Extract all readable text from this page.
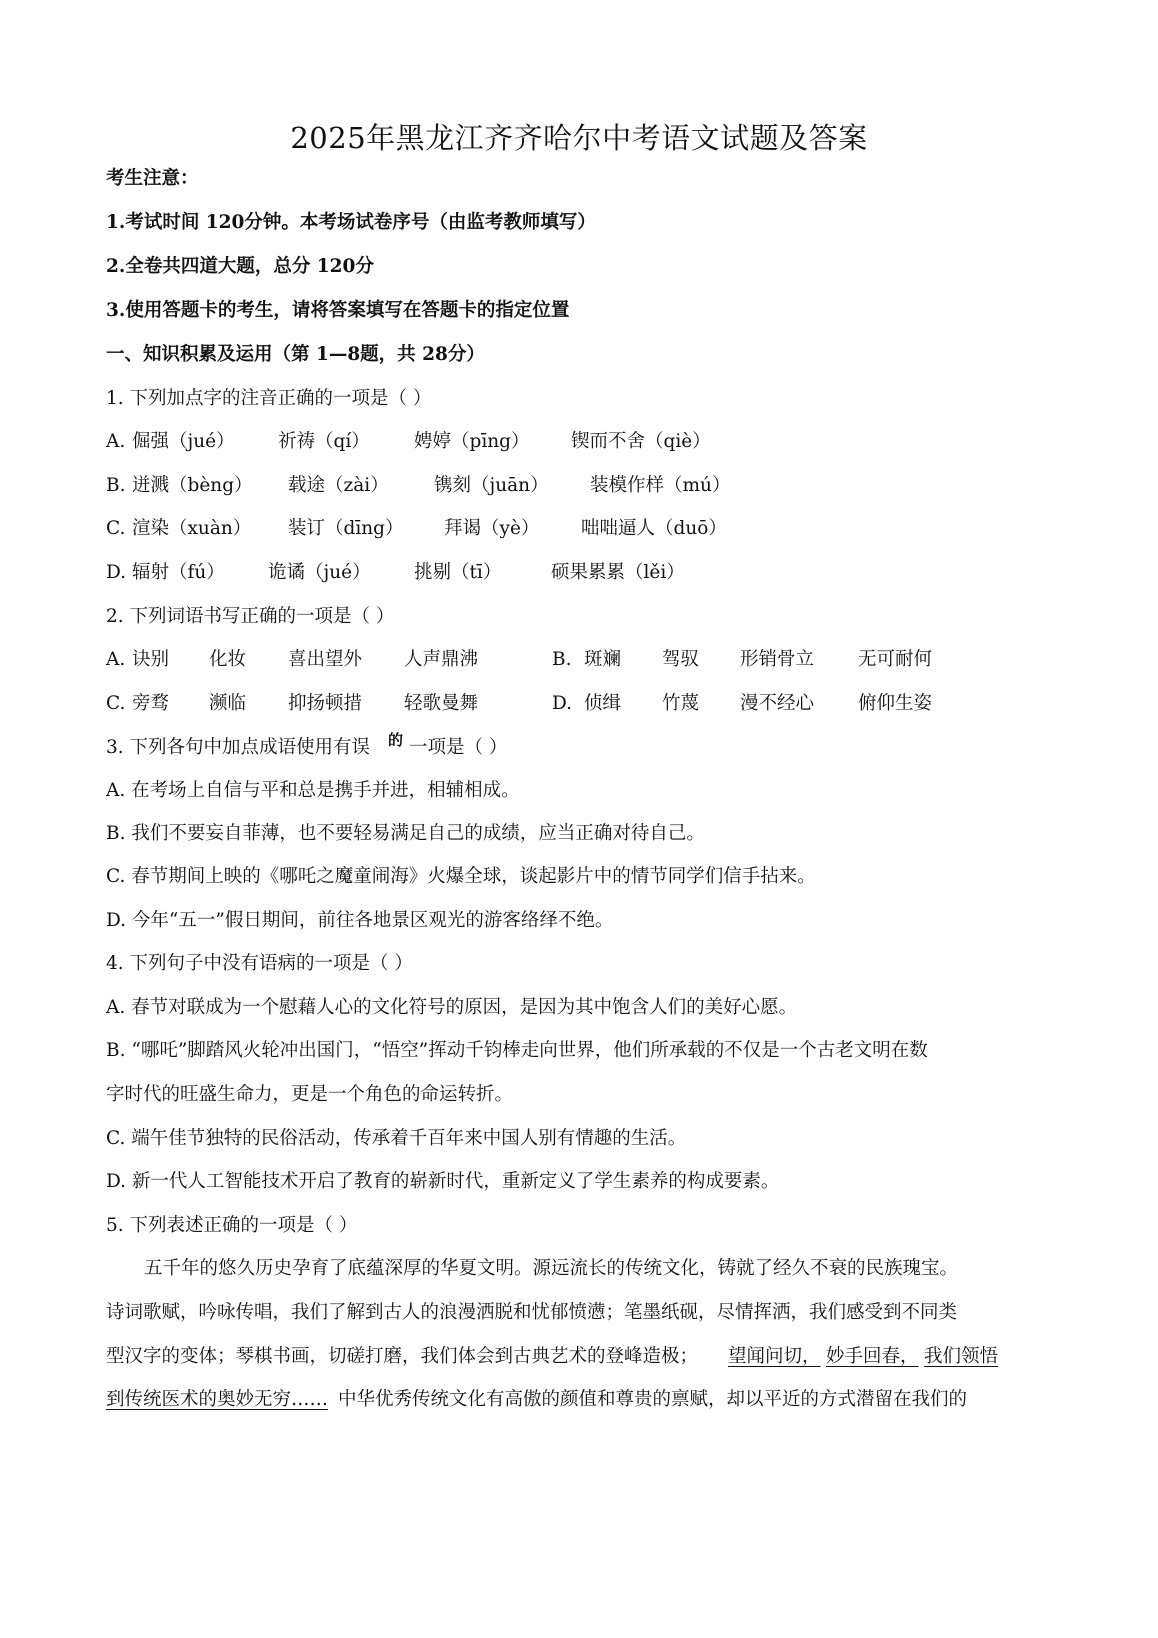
2025年黑龙江齐齐哈尔中考语文试题及答案
考生注意：
1.考试时间 120分钟。本考场试卷序号（由监考教师填写）
2.全卷共四道大题，总分 120分
3.使用答题卡的考生，请将答案填写在答题卡的指定位置
一、知识积累及运用（第 1—8题，共 28分）
1. 下列加点字的注音正确的一项是（ ）
A. 倔强（jué） 祈祷（qí） 娉婷（pīng） 锲而不舍（qiè）
B. 迸溅（bèng） 载途（zài） 镌刻（juān） 装模作样（mú）
C. 渲染（xuàn） 装订（dīng） 拜谒（yè） 咄咄逼人（duō）
D. 辐射（fú） 诡谲（jué） 挑剔（tī）	硕果累累（lěi）
2. 下列词语书写正确的一项是（ ）
A. 诀别 化妆 喜出望外 人声鼎沸	B. 斑斓 驾驭 形销骨立 无可耐何
C. 旁骛 濒临 抑扬顿措 轻歌曼舞	D. 侦缉 竹蔑 漫不经心 俯仰生姿
3. 下列各句中加点成语使用有误 的 一项是（ ）
A. 在考场上自信与平和总是携手并进，相辅相成。
B. 我们不要妄自菲薄，也不要轻易满足自己的成绩，应当正确对待自己。
C. 春节期间上映的《哪吒之魔童闹海》火爆全球，谈起影片中的情节同学们信手拈来。
D. 今年“五一”假日期间，前往各地景区观光的游客络绎不绝。
4. 下列句子中没有语病的一项是（ ）
A. 春节对联成为一个慰藉人心的文化符号的原因，是因为其中饱含人们的美好心愿。
B. “哪吒”脚踏风火轮冲出国门，“悟空”挥动千钧棒走向世界，他们所承载的不仅是一个古老文明在数
字时代的旺盛生命力，更是一个角色的命运转折。
C. 端午佳节独特的民俗活动，传承着千百年来中国人别有情趣的生活。
D. 新一代人工智能技术开启了教育的崭新时代，重新定义了学生素养的构成要素。
5. 下列表述正确的一项是（ ）
五千年的悠久历史孕育了底蕴深厚的华夏文明。源远流长的传统文化，铸就了经久不衰的民族瑰宝。
诗词歌赋，吟咏传唱，我们了解到古人的浪漫洒脱和忧郁愤懑；笔墨纸砚，尽情挥洒，我们感受到不同类
型汉字的变体；琴棋书画，切磋打磨，我们体会到古典艺术的登峰造极； 望闻问切， 妙手回春， 我们领悟
到传统医术的奥妙无穷…… 中华优秀传统文化有高傲的颜值和尊贵的禀赋，却以平近的方式潜留在我们的
